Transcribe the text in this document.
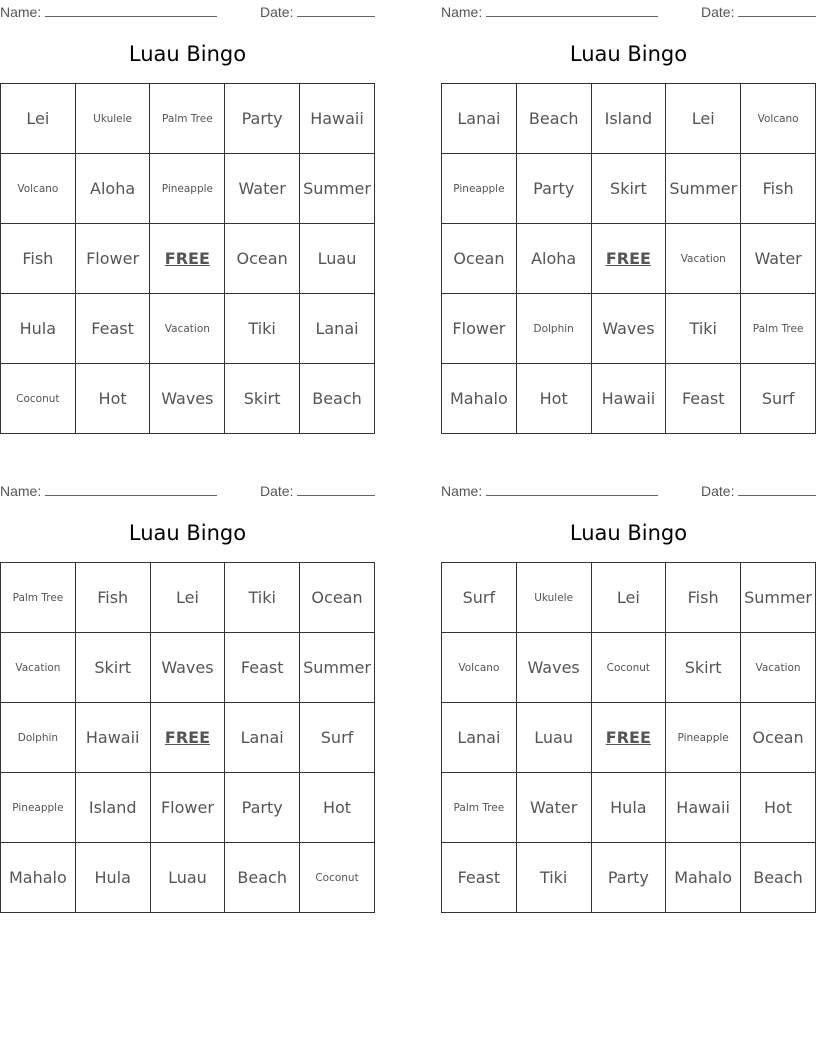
Name:	Date:
Luau Bingo
Lei	Ukulele	Palm Tree	Party	Hawaii
Volcano	Aloha	Pineapple	Water	Summer
Fish	Flower	FREE	Ocean	Luau
Hula	Feast	Vacation	Tiki	Lanai
Coconut	Hot	Waves	Skirt	Beach
Name:	Date:
Luau Bingo
Lanai	Beach	Island	Lei	Volcano
Pineapple	Party	Skirt	Summer	Fish
Ocean	Aloha	FREE	Vacation	Water
Flower	Dolphin	Waves	Tiki	Palm Tree
Mahalo	Hot	Hawaii	Feast	Surf
Name:	Date:
Luau Bingo
Palm Tree	Fish	Lei	Tiki	Ocean
Vacation	Skirt	Waves	Feast	Summer
Dolphin	Hawaii	FREE	Lanai	Surf
Pineapple	Island	Flower	Party	Hot
Mahalo	Hula	Luau	Beach	Coconut
Name:	Date:
Luau Bingo
Surf	Ukulele	Lei	Fish	Summer
Volcano	Waves	Coconut	Skirt	Vacation
Lanai	Luau	FREE	Pineapple	Ocean
Palm Tree	Water	Hula	Hawaii	Hot
Feast	Tiki	Party	Mahalo	Beach
